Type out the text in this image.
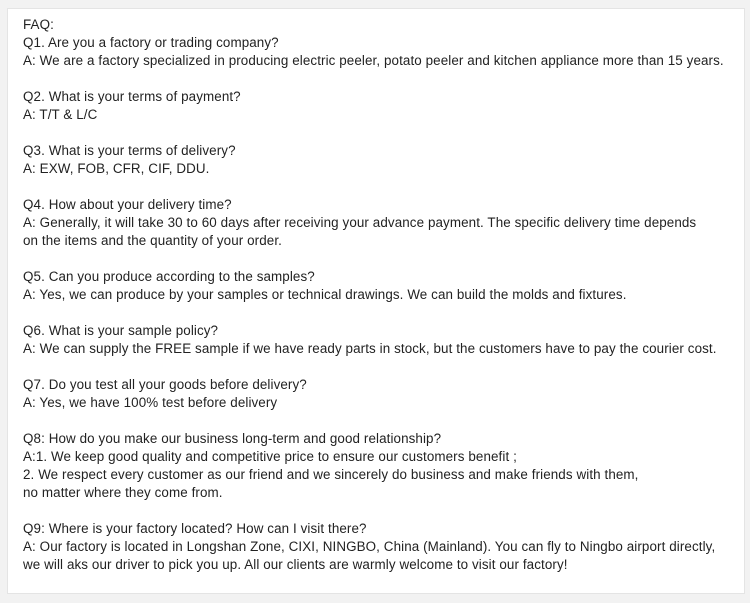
FAQ:
Q1. Are you a factory or trading company?
A: We are a factory specialized in producing electric peeler, potato peeler and kitchen appliance more than 15 years.
Q2. What is your terms of payment?
A: T/T & L/C
Q3. What is your terms of delivery?
A: EXW, FOB, CFR, CIF, DDU.
Q4. How about your delivery time?
A: Generally, it will take 30 to 60 days after receiving your advance payment. The specific delivery time depends
on the items and the quantity of your order.
Q5. Can you produce according to the samples?
A: Yes, we can produce by your samples or technical drawings. We can build the molds and fixtures.
Q6. What is your sample policy?
A: We can supply the FREE sample if we have ready parts in stock, but the customers have to pay the courier cost.
Q7. Do you test all your goods before delivery?
A: Yes, we have 100% test before delivery
Q8: How do you make our business long-term and good relationship?
A:1. We keep good quality and competitive price to ensure our customers benefit ;
2. We respect every customer as our friend and we sincerely do business and make friends with them,
no matter where they come from.
Q9: Where is your factory located? How can I visit there?
A: Our factory is located in Longshan Zone, CIXI, NINGBO, China (Mainland). You can fly to Ningbo airport directly,
we will aks our driver to pick you up. All our clients are warmly welcome to visit our factory!
